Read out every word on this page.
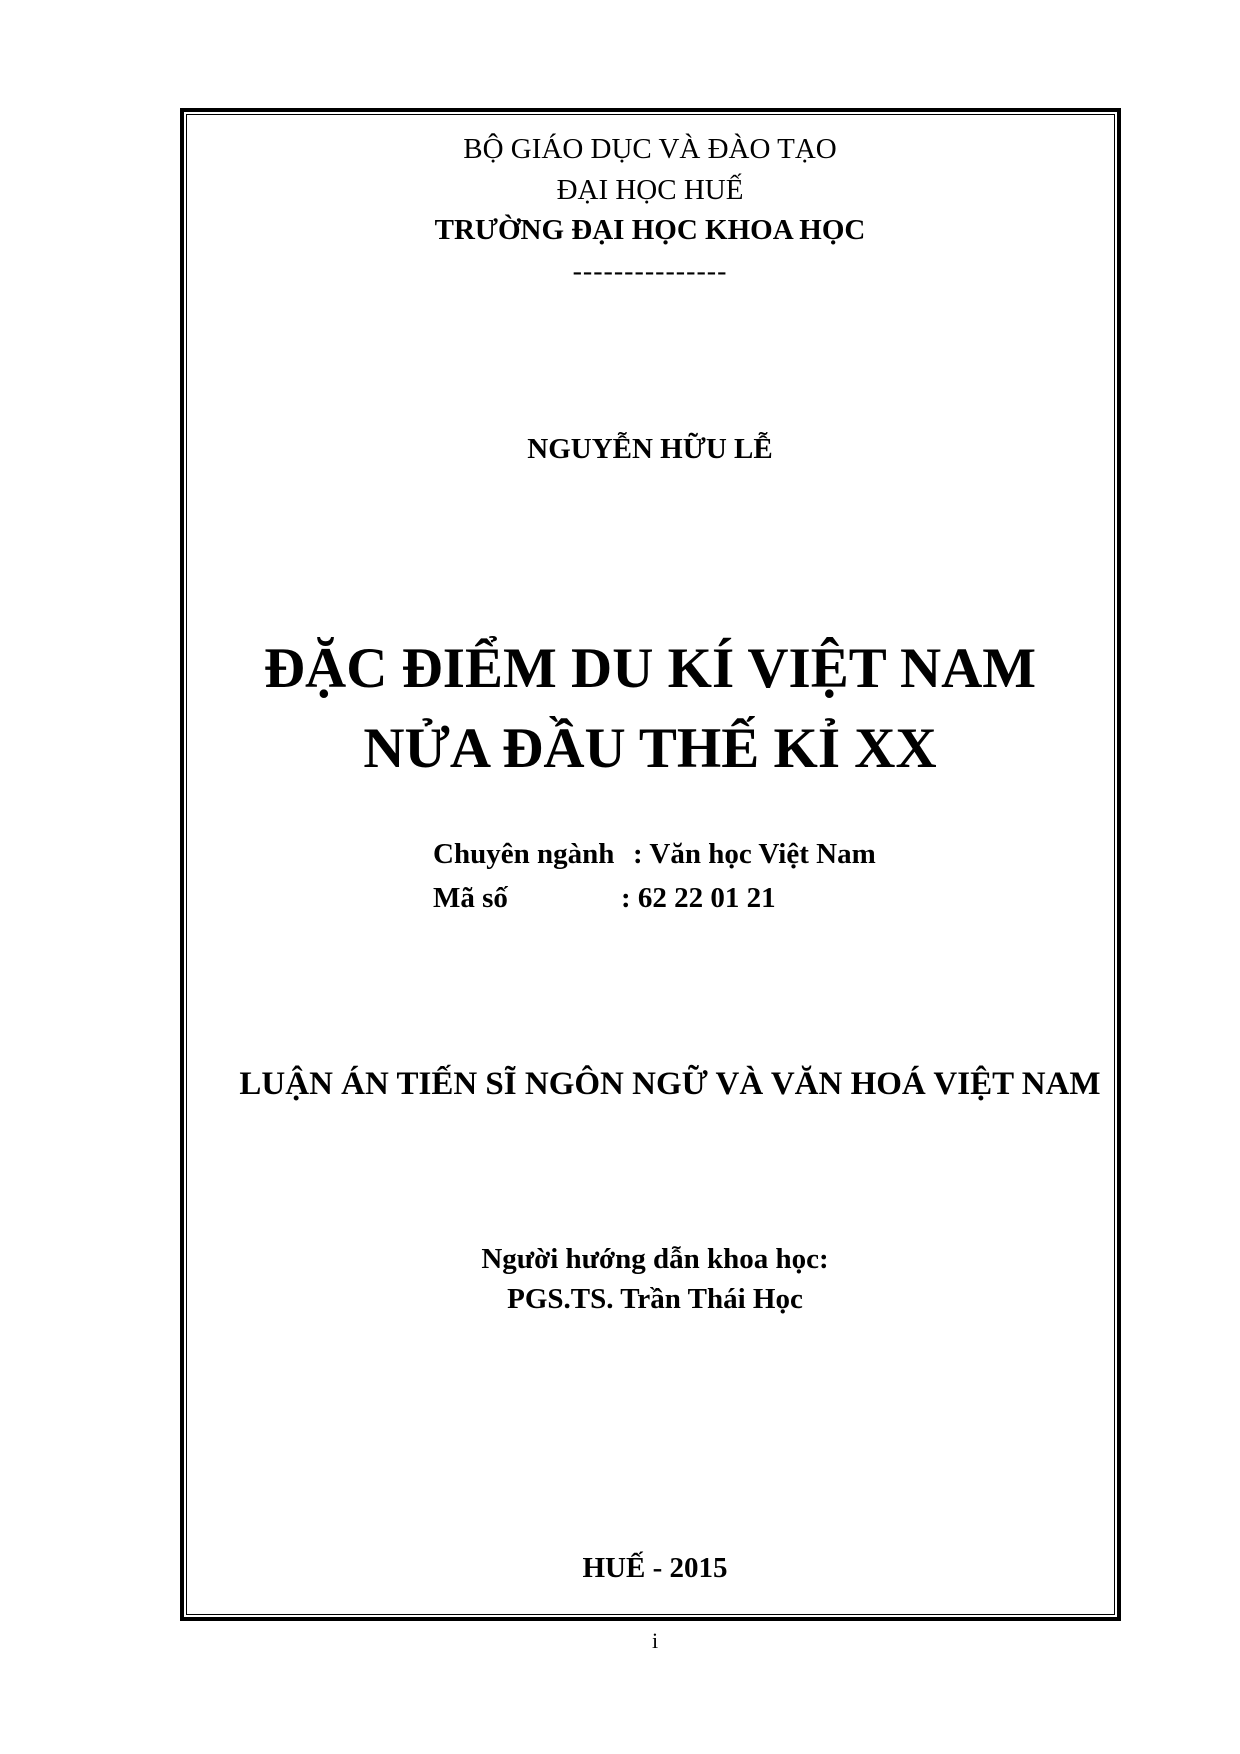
BỘ GIÁO DỤC VÀ ĐÀO TẠO
ĐẠI HỌC HUẾ
TRƯỜNG ĐẠI HỌC KHOA HỌC
---------------
NGUYỄN HỮU LỄ
ĐẶC ĐIỂM DU KÍ VIỆT NAM
NỬA ĐẦU THẾ KỈ XX
Chuyên ngành : Văn học Việt Nam
Mã số	: 62 22 01 21
LUẬN ÁN TIẾN SĨ NGÔN NGỮ VÀ VĂN HOÁ VIỆT NAM
Người hướng dẫn khoa học:
PGS.TS. Trần Thái Học
HUẾ - 2015
i
